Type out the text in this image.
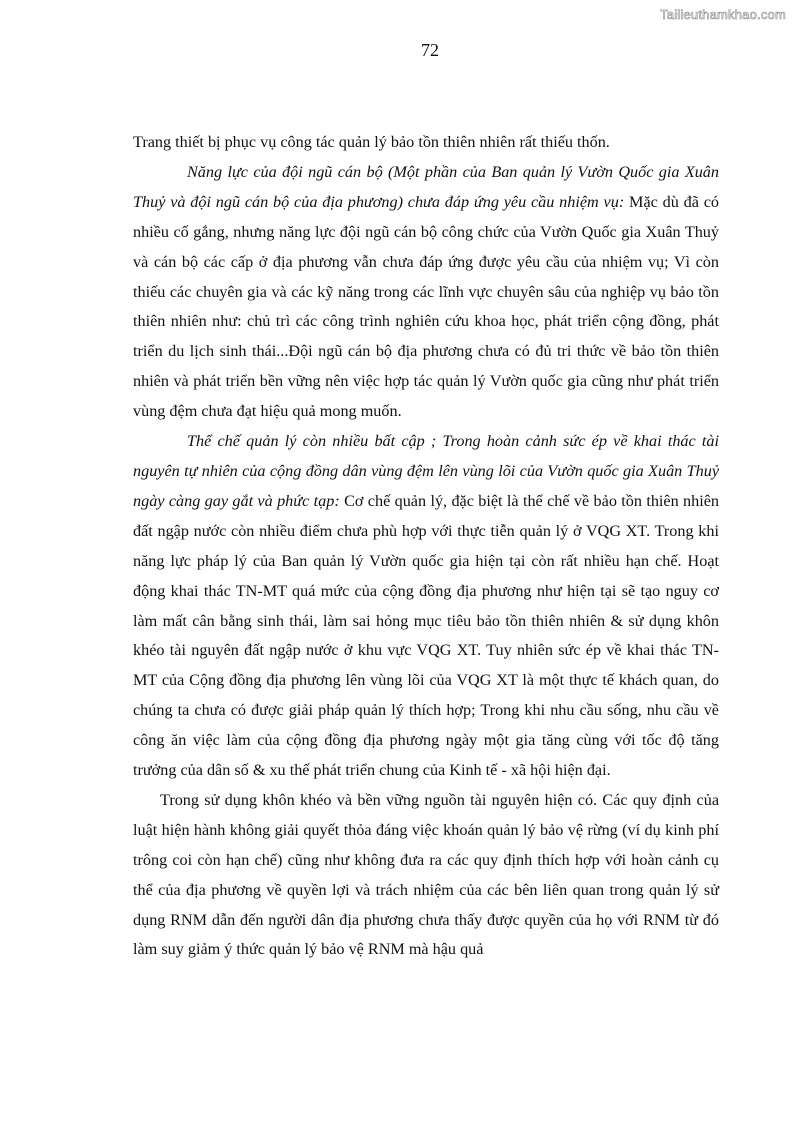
Tailieuthamkhao.com
72

Trang thiết bị phục vụ công tác quản lý bảo tồn thiên nhiên rất thiếu thốn.

Năng lực của đội ngũ cán bộ (Một phần của Ban quản lý Vườn Quốc gia Xuân Thuỷ và đội ngũ cán bộ của địa phương) chưa đáp ứng yêu cầu nhiệm vụ: Mặc dù đã có nhiều cố gắng, nhưng năng lực đội ngũ cán bộ công chức của Vườn Quốc gia Xuân Thuỷ và cán bộ các cấp ở địa phương vẫn chưa đáp ứng được yêu cầu của nhiệm vụ; Vì còn thiếu các chuyên gia và các kỹ năng trong các lĩnh vực chuyên sâu của nghiệp vụ bảo tồn thiên nhiên như: chủ trì các công trình nghiên cứu khoa học, phát triển cộng đồng, phát triển du lịch sinh thái...Đội ngũ cán bộ địa phương chưa có đủ tri thức về bảo tồn thiên nhiên và phát triển bền vững nên việc hợp tác quản lý Vườn quốc gia cũng như phát triển vùng đệm chưa đạt hiệu quả mong muốn.

Thể chế quản lý còn nhiều bất cập ; Trong hoàn cảnh sức ép về khai thác tài nguyên tự nhiên của cộng đồng dân vùng đệm lên vùng lõi của Vườn quốc gia Xuân Thuỷ ngày càng gay gắt và phức tạp: Cơ chế quản lý, đặc biệt là thể chế về bảo tồn thiên nhiên đất ngập nước còn nhiều điểm chưa phù hợp với thực tiễn quản lý ở VQG XT. Trong khi năng lực pháp lý của Ban quản lý Vườn quốc gia hiện tại còn rất nhiều hạn chế. Hoạt động khai thác TN-MT quá mức của cộng đồng địa phương như hiện tại sẽ tạo nguy cơ làm mất cân bằng sinh thái, làm sai hỏng mục tiêu bảo tồn thiên nhiên & sử dụng khôn khéo tài nguyên đất ngập nước ở khu vực VQG XT. Tuy nhiên sức ép về khai thác TN-MT của Cộng đồng địa phương lên vùng lõi của VQG XT là một thực tế khách quan, do chúng ta chưa có được giải pháp quản lý thích hợp; Trong khi nhu cầu sống, nhu cầu về công ăn việc làm của cộng đồng địa phương ngày một gia tăng cùng với tốc độ tăng trưởng của dân số & xu thế phát triển chung của Kinh tế - xã hội hiện đại.

Trong sử dụng khôn khéo và bền vững nguồn tài nguyên hiện có. Các quy định của luật hiện hành không giải quyết thỏa đáng việc khoán quản lý bảo vệ rừng (ví dụ kinh phí trông coi còn hạn chế) cũng như không đưa ra các quy định thích hợp với hoàn cảnh cụ thể của địa phương về quyền lợi và trách nhiệm của các bên liên quan trong quản lý sử dụng RNM dẫn đến người dân địa phương chưa thấy được quyền của họ với RNM từ đó làm suy giảm ý thức quản lý bảo vệ RNM mà hậu quả
